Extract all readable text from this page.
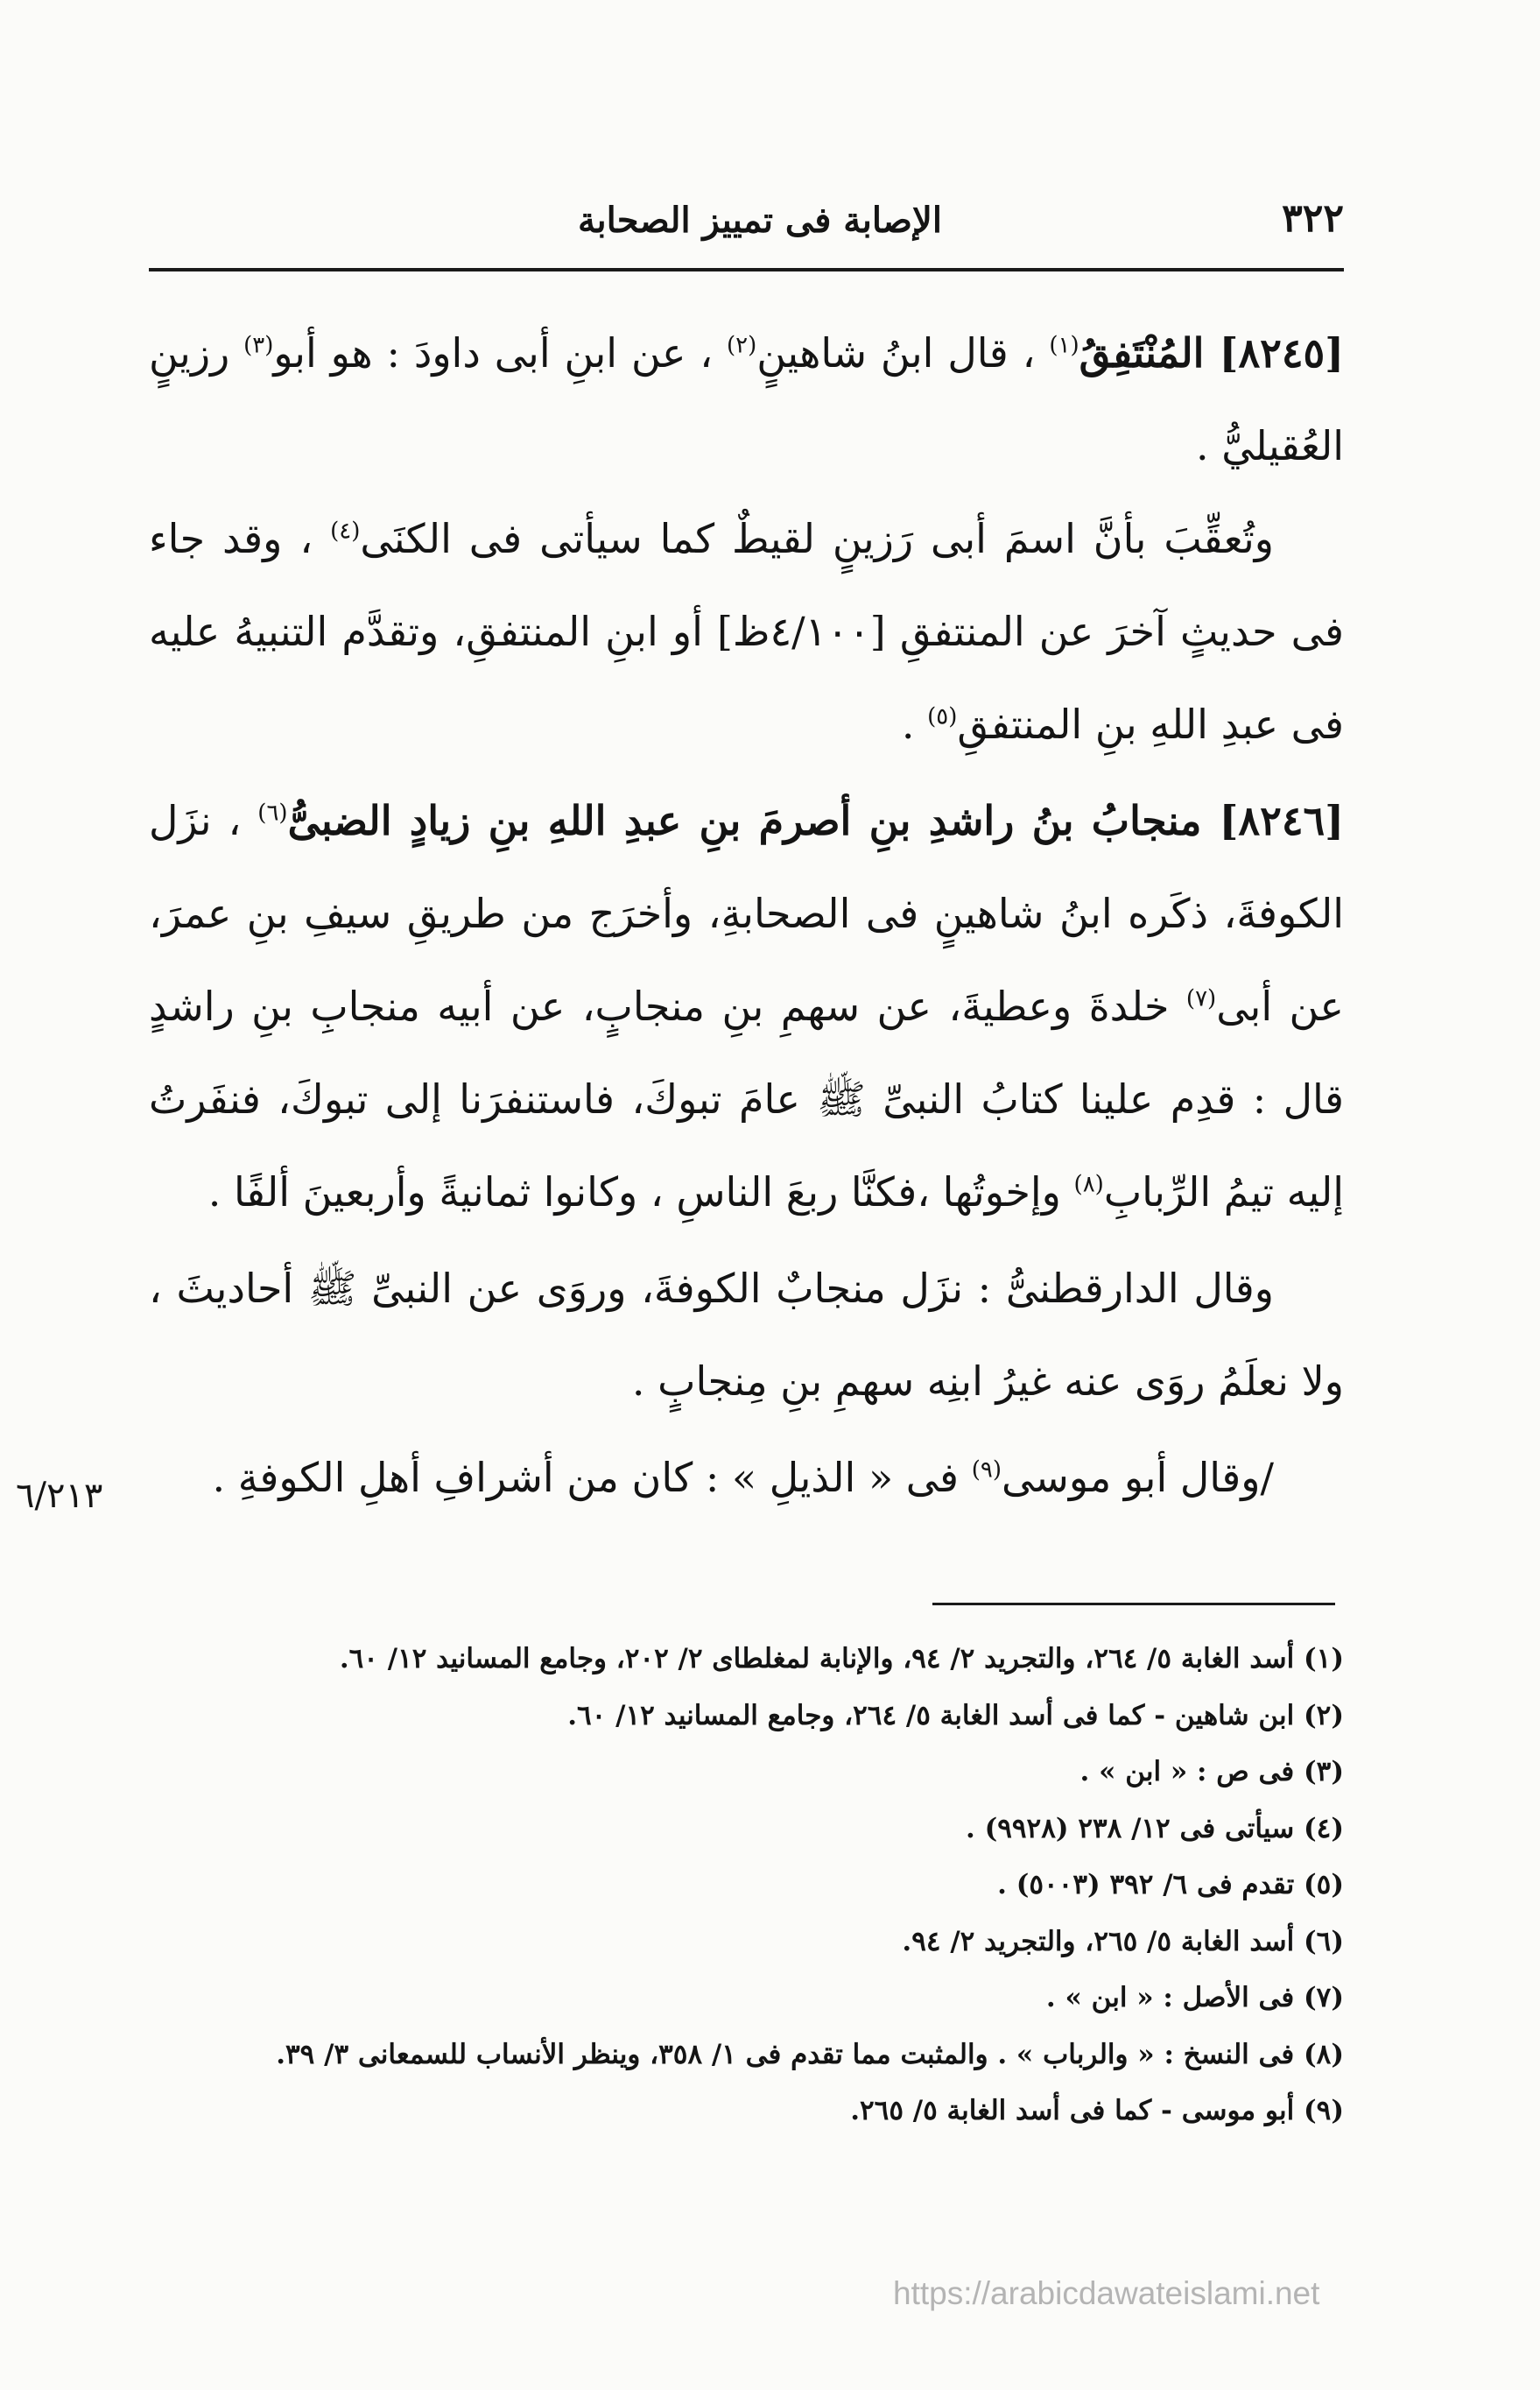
٣٢٢
الإصابة فى تمييز الصحابة

[٨٢٤٥] المُنْتَفِقُ$^{(١)}$ ، قال ابنُ شاهينٍ$^{(٢)}$ ، عن ابنِ أبى داودَ : هو أبو$^{(٣)}$ رزينٍ العُقيليُّ .

وتُعقِّبَ بأنَّ اسمَ أبى رَزينٍ لقيطٌ كما سيأتى فى الكنَى$^{(٤)}$ ، وقد جاء فى حديثٍ آخرَ عن المنتفقِ [٤/١٠٠ظ] أو ابنِ المنتفقِ، وتقدَّم التنبيهُ عليه فى عبدِ اللهِ بنِ المنتفقِ$^{(٥)}$ .

[٨٢٤٦] منجابُ بنُ راشدِ بنِ أصرمَ بنِ عبدِ اللهِ بنِ زيادٍ الضبىُّ$^{(٦)}$ ، نزَل الكوفةَ، ذكَره ابنُ شاهينٍ فى الصحابةِ، وأخرَج من طريقِ سيفِ بنِ عمرَ، عن أبى$^{(٧)}$ خلدةَ وعطيةَ، عن سهمِ بنِ منجابٍ، عن أبيه منجابِ بنِ راشدٍ قال : قدِم علينا كتابُ النبىِّ ﷺ عامَ تبوكَ، فاستنفرَنا إلى تبوكَ، فنفَرتُ إليه تيمُ الرِّبابِ$^{(٨)}$ وإخوتُها ،فكنَّا ربعَ الناسِ ، وكانوا ثمانيةً وأربعينَ ألفًا .

وقال الدارقطنىُّ : نزَل منجابٌ الكوفةَ، وروَى عن النبىِّ ﷺ أحاديثَ ، ولا نعلَمُ روَى عنه غيرُ ابنِه سهمِ بنِ مِنجابٍ .

/وقال أبو موسى$^{(٩)}$ فى « الذيلِ » : كان من أشرافِ أهلِ الكوفةِ .

٦/٢١٣

(١) أسد الغابة ٥/ ٢٦٤، والتجريد ٢/ ٩٤، والإنابة لمغلطاى ٢/ ٢٠٢، وجامع المسانيد ١٢/ ٦٠.

(٢) ابن شاهين - كما فى أسد الغابة ٥/ ٢٦٤، وجامع المسانيد ١٢/ ٦٠.

(٣) فى ص : « ابن » .

(٤) سيأتى فى ١٢/ ٢٣٨ (٩٩٢٨) .

(٥) تقدم فى ٦/ ٣٩٢ (٥٠٠٣) .

(٦) أسد الغابة ٥/ ٢٦٥، والتجريد ٢/ ٩٤.

(٧) فى الأصل : « ابن » .

(٨) فى النسخ : « والرباب » . والمثبت مما تقدم فى ١/ ٣٥٨، وينظر الأنساب للسمعانى ٣/ ٣٩.

(٩) أبو موسى - كما فى أسد الغابة ٥/ ٢٦٥.

https://arabicdawateislami.net
